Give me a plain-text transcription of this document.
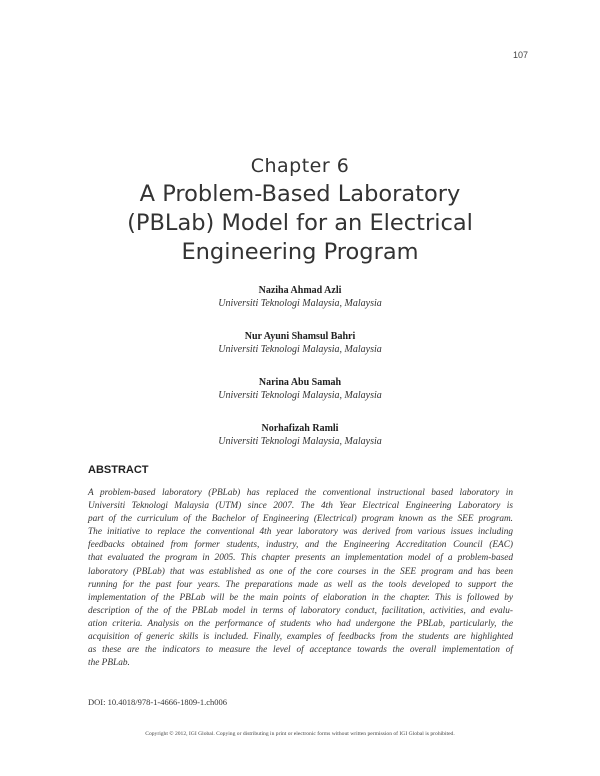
107
Chapter 6
A Problem-Based Laboratory
(PBLab) Model for an Electrical
Engineering Program
Naziha Ahmad Azli
Universiti Teknologi Malaysia, Malaysia
Nur Ayuni Shamsul Bahri
Universiti Teknologi Malaysia, Malaysia
Narina Abu Samah
Universiti Teknologi Malaysia, Malaysia
Norhafizah Ramli
Universiti Teknologi Malaysia, Malaysia
ABSTRACT
A problem-based laboratory (PBLab) has replaced the conventional instructional based laboratory in
Universiti Teknologi Malaysia (UTM) since 2007. The 4th Year Electrical Engineering Laboratory is
part of the curriculum of the Bachelor of Engineering (Electrical) program known as the SEE program.
The initiative to replace the conventional 4th year laboratory was derived from various issues including
feedbacks obtained from former students, industry, and the Engineering Accreditation Council (EAC)
that evaluated the program in 2005. This chapter presents an implementation model of a problem-based
laboratory (PBLab) that was established as one of the core courses in the SEE program and has been
running for the past four years. The preparations made as well as the tools developed to support the
implementation of the PBLab will be the main points of elaboration in the chapter. This is followed by
description of the of the PBLab model in terms of laboratory conduct, facilitation, activities, and evalu-
ation criteria. Analysis on the performance of students who had undergone the PBLab, particularly, the
acquisition of generic skills is included. Finally, examples of feedbacks from the students are highlighted
as these are the indicators to measure the level of acceptance towards the overall implementation of
the PBLab.
DOI: 10.4018/978-1-4666-1809-1.ch006
Copyright © 2012, IGI Global. Copying or distributing in print or electronic forms without written permission of IGI Global is prohibited.
